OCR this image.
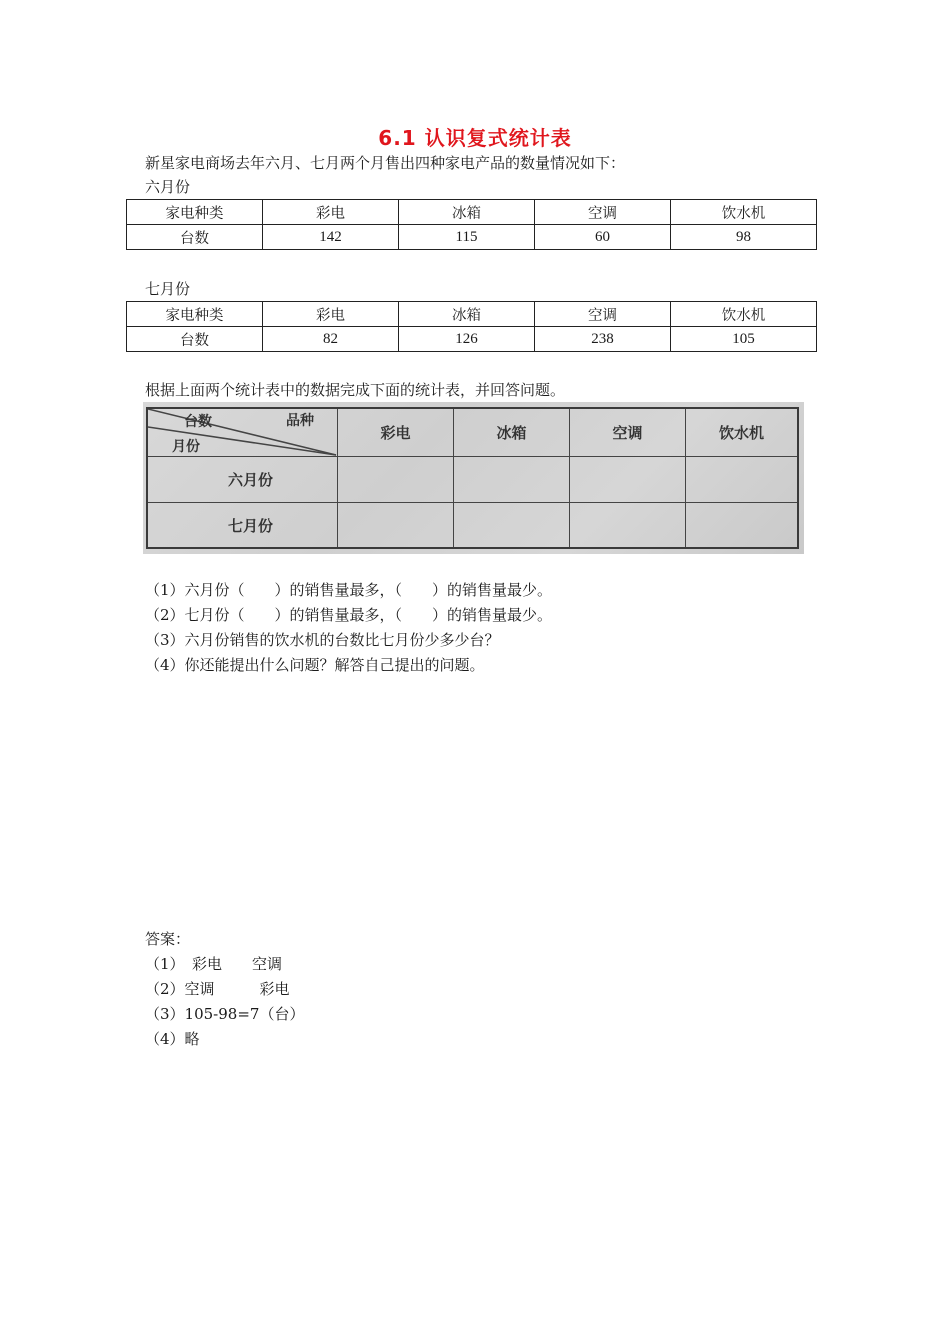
6.1 认识复式统计表
新星家电商场去年六月、七月两个月售出四种家电产品的数量情况如下：
六月份
家电种类	彩电	冰箱	空调	饮水机
台数	142	115	60	98
七月份
家电种类	彩电	冰箱	空调	饮水机
台数	82	126	238	105
根据上面两个统计表中的数据完成下面的统计表，并回答问题。
台数	品种
月份
彩电	冰箱	空调	饮水机
六月份
七月份
（1）六月份（　　）的销售量最多，（　　）的销售量最少。
（2）七月份（　　）的销售量最多，（　　）的销售量最少。
（3）六月份销售的饮水机的台数比七月份少多少台？
（4）你还能提出什么问题？解答自己提出的问题。
答案：
（1）　彩电　　空调
（2）空调　　　彩电
（3）105-98=7（台）
（4）略
